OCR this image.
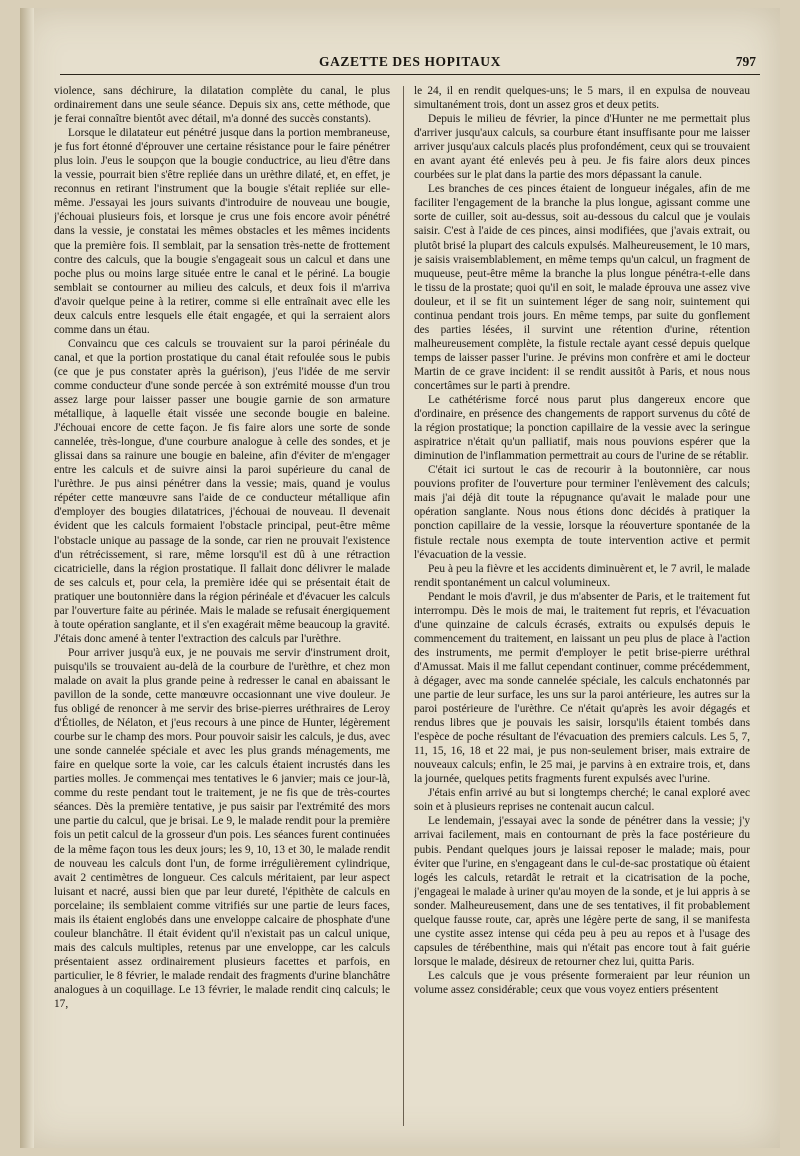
GAZETTE DES HOPITAUX	797

violence, sans déchirure, la dilatation complète du canal, le plus ordinairement dans une seule séance. Depuis six ans, cette méthode, que je ferai connaître bientôt avec détail, m'a donné des succès constants).

Lorsque le dilatateur eut pénétré jusque dans la portion membraneuse, je fus fort étonné d'éprouver une certaine résistance pour le faire pénétrer plus loin. J'eus le soupçon que la bougie conductrice, au lieu d'être dans la vessie, pourrait bien s'être repliée dans un urèthre dilaté, et, en effet, je reconnus en retirant l'instrument que la bougie s'était repliée sur elle-même. J'essayai les jours suivants d'introduire de nouveau une bougie, j'échouai plusieurs fois, et lorsque je crus une fois encore avoir pénétré dans la vessie, je constatai les mêmes obstacles et les mêmes incidents que la première fois. Il semblait, par la sensation très-nette de frottement contre des calculs, que la bougie s'engageait sous un calcul et dans une poche plus ou moins large située entre le canal et le périné. La bougie semblait se contourner au milieu des calculs, et deux fois il m'arriva d'avoir quelque peine à la retirer, comme si elle entraînait avec elle les deux calculs entre lesquels elle était engagée, et qui la serraient alors comme dans un étau.

Convaincu que ces calculs se trouvaient sur la paroi périnéale du canal, et que la portion prostatique du canal était refoulée sous le pubis (ce que je pus constater après la guérison), j'eus l'idée de me servir comme conducteur d'une sonde percée à son extrémité mousse d'un trou assez large pour laisser passer une bougie garnie de son armature métallique, à laquelle était vissée une seconde bougie en baleine. J'échouai encore de cette façon. Je fis faire alors une sorte de sonde cannelée, très-longue, d'une courbure analogue à celle des sondes, et je glissai dans sa rainure une bougie en baleine, afin d'éviter de m'engager entre les calculs et de suivre ainsi la paroi supérieure du canal de l'urèthre. Je pus ainsi pénétrer dans la vessie; mais, quand je voulus répéter cette manœuvre sans l'aide de ce conducteur métallique afin d'employer des bougies dilatatrices, j'échouai de nouveau. Il devenait évident que les calculs formaient l'obstacle principal, peut-être même l'obstacle unique au passage de la sonde, car rien ne prouvait l'existence d'un rétrécissement, si rare, même lorsqu'il est dû à une rétraction cicatricielle, dans la région prostatique. Il fallait donc délivrer le malade de ses calculs et, pour cela, la première idée qui se présentait était de pratiquer une boutonnière dans la région périnéale et d'évacuer les calculs par l'ouverture faite au périnée. Mais le malade se refusait énergiquement à toute opération sanglante, et il s'en exagérait même beaucoup la gravité. J'étais donc amené à tenter l'extraction des calculs par l'urèthre.

Pour arriver jusqu'à eux, je ne pouvais me servir d'instrument droit, puisqu'ils se trouvaient au-delà de la courbure de l'urèthre, et chez mon malade on avait la plus grande peine à redresser le canal en abaissant le pavillon de la sonde, cette manœuvre occasionnant une vive douleur. Je fus obligé de renoncer à me servir des brise-pierres uréthraires de Leroy d'Étiolles, de Nélaton, et j'eus recours à une pince de Hunter, légèrement courbe sur le champ des mors. Pour pouvoir saisir les calculs, je dus, avec une sonde cannelée spéciale et avec les plus grands ménagements, me faire en quelque sorte la voie, car les calculs étaient incrustés dans les parties molles. Je commençai mes tentatives le 6 janvier; mais ce jour-là, comme du reste pendant tout le traitement, je ne fis que de très-courtes séances. Dès la première tentative, je pus saisir par l'extrémité des mors une partie du calcul, que je brisai. Le 9, le malade rendit pour la première fois un petit calcul de la grosseur d'un pois. Les séances furent continuées de la même façon tous les deux jours; les 9, 10, 13 et 30, le malade rendit de nouveau les calculs dont l'un, de forme irrégulièrement cylindrique, avait 2 centimètres de longueur. Ces calculs méritaient, par leur aspect luisant et nacré, aussi bien que par leur dureté, l'épithète de calculs en porcelaine; ils semblaient comme vitrifiés sur une partie de leurs faces, mais ils étaient englobés dans une enveloppe calcaire de phosphate d'une couleur blanchâtre. Il était évident qu'il n'existait pas un calcul unique, mais des calculs multiples, retenus par une enveloppe, car les calculs présentaient assez ordinairement plusieurs facettes et parfois, en particulier, le 8 février, le malade rendait des fragments d'urine blanchâtre analogues à un coquillage. Le 13 février, le malade rendit cinq calculs; le 17,

le 24, il en rendit quelques-uns; le 5 mars, il en expulsa de nouveau simultanément trois, dont un assez gros et deux petits.

Depuis le milieu de février, la pince d'Hunter ne me permettait plus d'arriver jusqu'aux calculs, sa courbure étant insuffisante pour me laisser arriver jusqu'aux calculs placés plus profondément, ceux qui se trouvaient en avant ayant été enlevés peu à peu. Je fis faire alors deux pinces courbées sur le plat dans la partie des mors dépassant la canule.

Les branches de ces pinces étaient de longueur inégales, afin de me faciliter l'engagement de la branche la plus longue, agissant comme une sorte de cuiller, soit au-dessus, soit au-dessous du calcul que je voulais saisir. C'est à l'aide de ces pinces, ainsi modifiées, que j'avais extrait, ou plutôt brisé la plupart des calculs expulsés. Malheureusement, le 10 mars, je saisis vraisemblablement, en même temps qu'un calcul, un fragment de muqueuse, peut-être même la branche la plus longue pénétra-t-elle dans le tissu de la prostate; quoi qu'il en soit, le malade éprouva une assez vive douleur, et il se fit un suintement léger de sang noir, suintement qui continua pendant trois jours. En même temps, par suite du gonflement des parties lésées, il survint une rétention d'urine, rétention malheureusement complète, la fistule rectale ayant cessé depuis quelque temps de laisser passer l'urine. Je prévins mon confrère et ami le docteur Martin de ce grave incident: il se rendit aussitôt à Paris, et nous nous concertâmes sur le parti à prendre.

Le cathétérisme forcé nous parut plus dangereux encore que d'ordinaire, en présence des changements de rapport survenus du côté de la région prostatique; la ponction capillaire de la vessie avec la seringue aspiratrice n'était qu'un palliatif, mais nous pouvions espérer que la diminution de l'inflammation permettrait au cours de l'urine de se rétablir.

C'était ici surtout le cas de recourir à la boutonnière, car nous pouvions profiter de l'ouverture pour terminer l'enlèvement des calculs; mais j'ai déjà dit toute la répugnance qu'avait le malade pour une opération sanglante. Nous nous étions donc décidés à pratiquer la ponction capillaire de la vessie, lorsque la réouverture spontanée de la fistule rectale nous exempta de toute intervention active et permit l'évacuation de la vessie.

Peu à peu la fièvre et les accidents diminuèrent et, le 7 avril, le malade rendit spontanément un calcul volumineux.

Pendant le mois d'avril, je dus m'absenter de Paris, et le traitement fut interrompu. Dès le mois de mai, le traitement fut repris, et l'évacuation d'une quinzaine de calculs écrasés, extraits ou expulsés depuis le commencement du traitement, en laissant un peu plus de place à l'action des instruments, me permit d'employer le petit brise-pierre uréthral d'Amussat. Mais il me fallut cependant continuer, comme précédemment, à dégager, avec ma sonde cannelée spéciale, les calculs enchatonnés par une partie de leur surface, les uns sur la paroi antérieure, les autres sur la paroi postérieure de l'urèthre. Ce n'était qu'après les avoir dégagés et rendus libres que je pouvais les saisir, lorsqu'ils étaient tombés dans l'espèce de poche résultant de l'évacuation des premiers calculs. Les 5, 7, 11, 15, 16, 18 et 22 mai, je pus non-seulement briser, mais extraire de nouveaux calculs; enfin, le 25 mai, je parvins à en extraire trois, et, dans la journée, quelques petits fragments furent expulsés avec l'urine.

J'étais enfin arrivé au but si longtemps cherché; le canal exploré avec soin et à plusieurs reprises ne contenait aucun calcul.

Le lendemain, j'essayai avec la sonde de pénétrer dans la vessie; j'y arrivai facilement, mais en contournant de près la face postérieure du pubis. Pendant quelques jours je laissai reposer le malade; mais, pour éviter que l'urine, en s'engageant dans le cul-de-sac prostatique où étaient logés les calculs, retardât le retrait et la cicatrisation de la poche, j'engageai le malade à uriner qu'au moyen de la sonde, et je lui appris à se sonder. Malheureusement, dans une de ses tentatives, il fit probablement quelque fausse route, car, après une légère perte de sang, il se manifesta une cystite assez intense qui céda peu à peu au repos et à l'usage des capsules de térébenthine, mais qui n'était pas encore tout à fait guérie lorsque le malade, désireux de retourner chez lui, quitta Paris.

Les calculs que je vous présente formeraient par leur réunion un volume assez considérable; ceux que vous voyez entiers présentent
